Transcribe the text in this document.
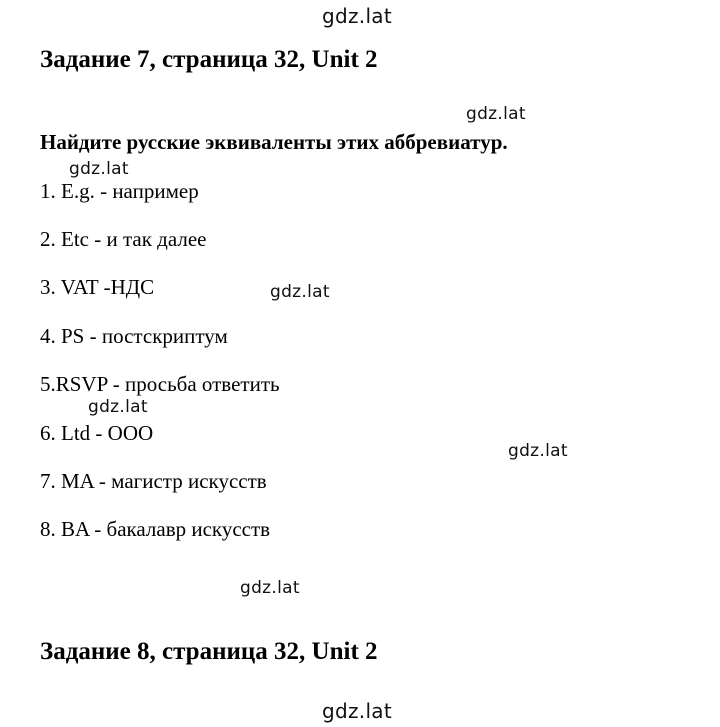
gdz.lat
Задание 7, страница 32, Unit 2
gdz.lat
Найдите русские эквиваленты этих аббревиатур.
gdz.lat
1. E.g. - например
2. Etc - и так далее
3. VAT -НДС	gdz.lat
4. PS - постскриптум
5.RSVP - просьба ответить
gdz.lat
6. Ltd - ООО
gdz.lat
7. MA - магистр искусств
8. BA - бакалавр искусств
gdz.lat
Задание 8, страница 32, Unit 2
gdz.lat
